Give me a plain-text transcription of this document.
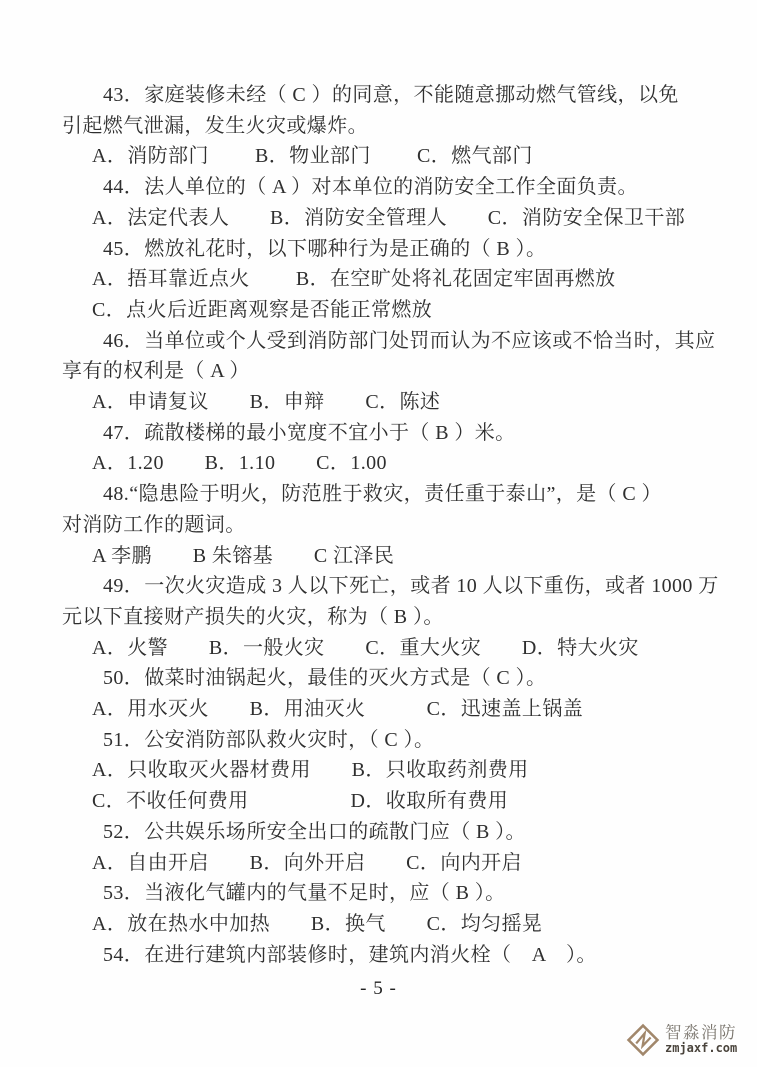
43．家庭装修未经（ C ）的同意，不能随意挪动燃气管线，以免
引起燃气泄漏，发生火灾或爆炸。
A．消防部门　　 B．物业部门　　 C．燃气部门
44．法人单位的（ A ）对本单位的消防安全工作全面负责。
A．法定代表人　　B．消防安全管理人　　C．消防安全保卫干部
45．燃放礼花时，以下哪种行为是正确的（ B ）。
A．捂耳靠近点火　　 B．在空旷处将礼花固定牢固再燃放
C．点火后近距离观察是否能正常燃放
46．当单位或个人受到消防部门处罚而认为不应该或不恰当时，其应
享有的权利是（ A ）
A．申请复议　　B．申辩　　C．陈述
47．疏散楼梯的最小宽度不宜小于（ B ）米。
A．1.20　　B．1.10　　C．1.00
48.“隐患险于明火，防范胜于救灾，责任重于泰山”，是（ C ）
对消防工作的题词。
A 李鹏　　B 朱镕基　　C 江泽民
49．一次火灾造成 3 人以下死亡，或者 10 人以下重伤，或者 1000 万
元以下直接财产损失的火灾，称为（ B ）。
A．火警　　B．一般火灾　　C．重大火灾　　D．特大火灾
50．做菜时油锅起火，最佳的灭火方式是（ C ）。
A．用水灭火　　B．用油灭火　　　C．迅速盖上锅盖
51．公安消防部队救火灾时，（ C ）。
A．只收取灭火器材费用　　B．只收取药剂费用
C．不收任何费用　　　　　D．收取所有费用
52．公共娱乐场所安全出口的疏散门应（ B ）。
A．自由开启　　B．向外开启　　C．向内开启
53．当液化气罐内的气量不足时，应（ B ）。
A．放在热水中加热　　B．换气　　C．均匀摇晃
54．在进行建筑内部装修时，建筑内消火栓（　A　）。
- 5 -
智淼消防
zmjaxf.com
